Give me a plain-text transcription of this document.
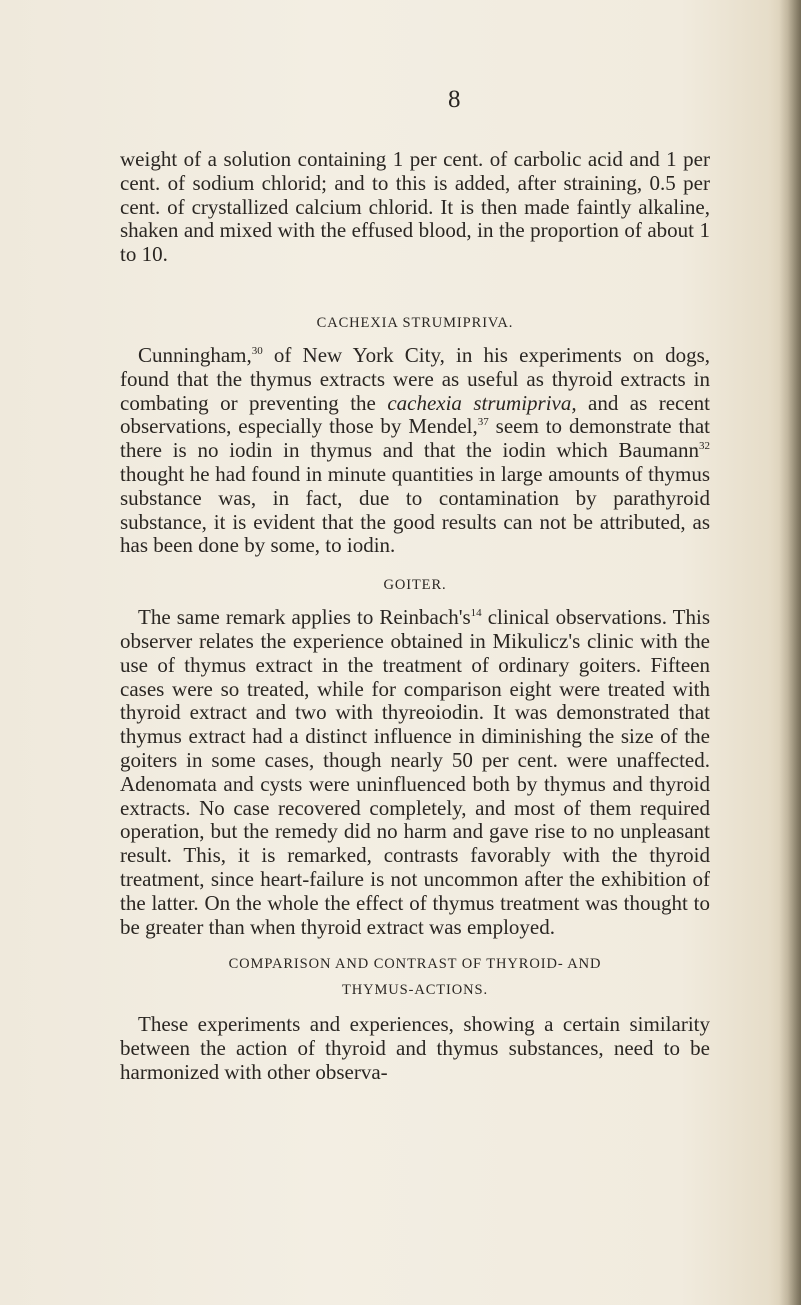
8

weight of a solution containing 1 per cent. of carbolic acid and 1 per cent. of sodium chlorid; and to this is added, after straining, 0.5 per cent. of crystallized calcium chlorid. It is then made faintly alkaline, shaken and mixed with the effused blood, in the proportion of about 1 to 10.

CACHEXIA STRUMIPRIVA.

Cunningham,$^{30}$ of New York City, in his experiments on dogs, found that the thymus extracts were as useful as thyroid extracts in combating or preventing the cachexia strumipriva, and as recent observations, especially those by Mendel,$^{37}$ seem to demonstrate that there is no iodin in thymus and that the iodin which Baumann$^{32}$ thought he had found in minute quantities in large amounts of thymus substance was, in fact, due to contamination by parathyroid substance, it is evident that the good results can not be attributed, as has been done by some, to iodin.

GOITER.

The same remark applies to $Reinbach's^{14}$ clinical observations. This observer relates the experience obtained in Mikulicz's clinic with the use of thymus extract in the treatment of ordinary goiters. Fifteen cases were so treated, while for comparison eight were treated with thyroid extract and two with thyreoiodin. It was demonstrated that thymus extract had a distinct influence in diminishing the size of the goiters in some cases, though nearly 50 per cent. were unaffected. Adenomata and cysts were uninfluenced both by thymus and thyroid extracts. No case recovered completely, and most of them required operation, but the remedy did no harm and gave rise to no unpleasant result. This, it is remarked, contrasts favorably with the thyroid treatment, since heart-failure is not uncommon after the exhibition of the latter. On the whole the effect of thymus treatment was thought to be greater than when thyroid extract was employed.

COMPARISON AND CONTRAST OF THYROID- AND
THYMUS-ACTIONS.

These experiments and experiences, showing a certain similarity between the action of thyroid and thymus substances, need to be harmonized with other observa-
